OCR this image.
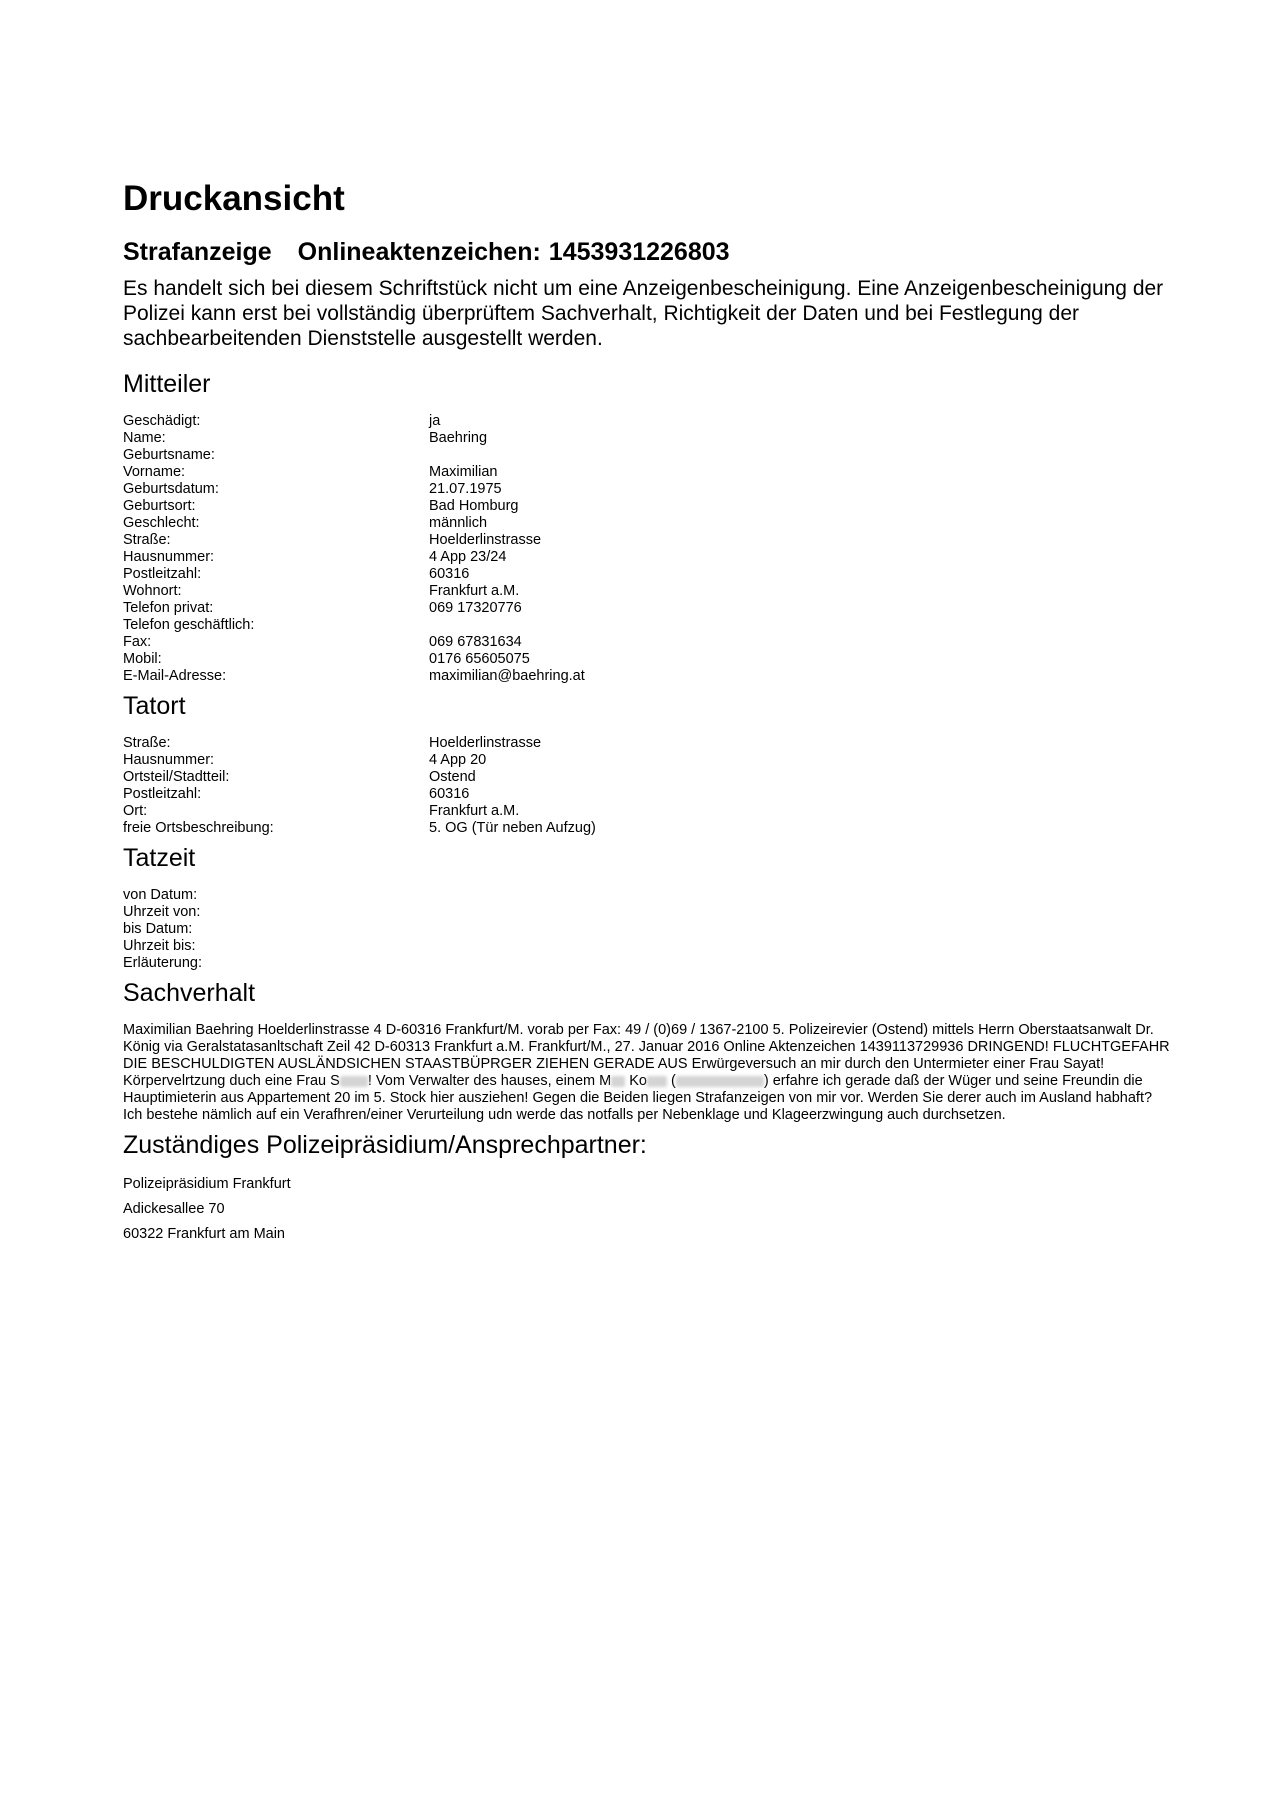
Druckansicht
Strafanzeige Onlineaktenzeichen: 1453931226803

Es handelt sich bei diesem Schriftstück nicht um eine Anzeigenbescheinigung. Eine Anzeigenbescheinigung der Polizei kann erst bei vollständig überprüftem Sachverhalt, Richtigkeit der Daten und bei Festlegung der sachbearbeitenden Dienststelle ausgestellt werden.

Mitteiler
Geschädigt:	ja
Name:	Baehring
Geburtsname:
Vorname:	Maximilian
Geburtsdatum:	21.07.1975
Geburtsort:	Bad Homburg
Geschlecht:	männlich
Straße:	Hoelderlinstrasse
Hausnummer:	4 App 23/24
Postleitzahl:	60316
Wohnort:	Frankfurt a.M.
Telefon privat:	069 17320776
Telefon geschäftlich:
Fax:	069 67831634
Mobil:	0176 65605075
E-Mail-Adresse:	maximilian@baehring.at
Tatort
Straße:	Hoelderlinstrasse
Hausnummer:	4 App 20
Ortsteil/Stadtteil:	Ostend
Postleitzahl:	60316
Ort:	Frankfurt a.M.
freie Ortsbeschreibung:	5. OG (Tür neben Aufzug)
Tatzeit
von Datum:
Uhrzeit von:
bis Datum:
Uhrzeit bis:
Erläuterung:
Sachverhalt
Maximilian Baehring Hoelderlinstrasse 4 D-60316 Frankfurt/M. vorab per Fax: 49 / (0)69 / 1367-2100 5. Polizeirevier (Ostend) mittels Herrn Oberstaatsanwalt Dr. König via Geralstatasanltschaft Zeil 42 D-60313 Frankfurt a.M. Frankfurt/M., 27. Januar 2016 Online Aktenzeichen 1439113729936 DRINGEND! FLUCHTGEFAHR DIE BESCHULDIGTEN AUSLÄNDSICHEN STAASTBÜPRGER ZIEHEN GERADE AUS Erwürgeversuch an mir durch den Untermieter einer Frau Sayat! Körpervelrtzung duch eine Frau S ! Vom Verwalter des hauses, einem M Ko (	) erfahre ich gerade daß der Wüger und seine Freundin die Hauptimieterin aus Appartement 20 im 5. Stock hier ausziehen! Gegen die Beiden liegen Strafanzeigen von mir vor. Werden Sie derer auch im Ausland habhaft? Ich bestehe nämlich auf ein Verafhren/einer Verurteilung udn werde das notfalls per Nebenklage und Klageerzwingung auch durchsetzen.
Zuständiges Polizeipräsidium/Ansprechpartner:
Polizeipräsidium Frankfurt
Adickesallee 70
60322 Frankfurt am Main
